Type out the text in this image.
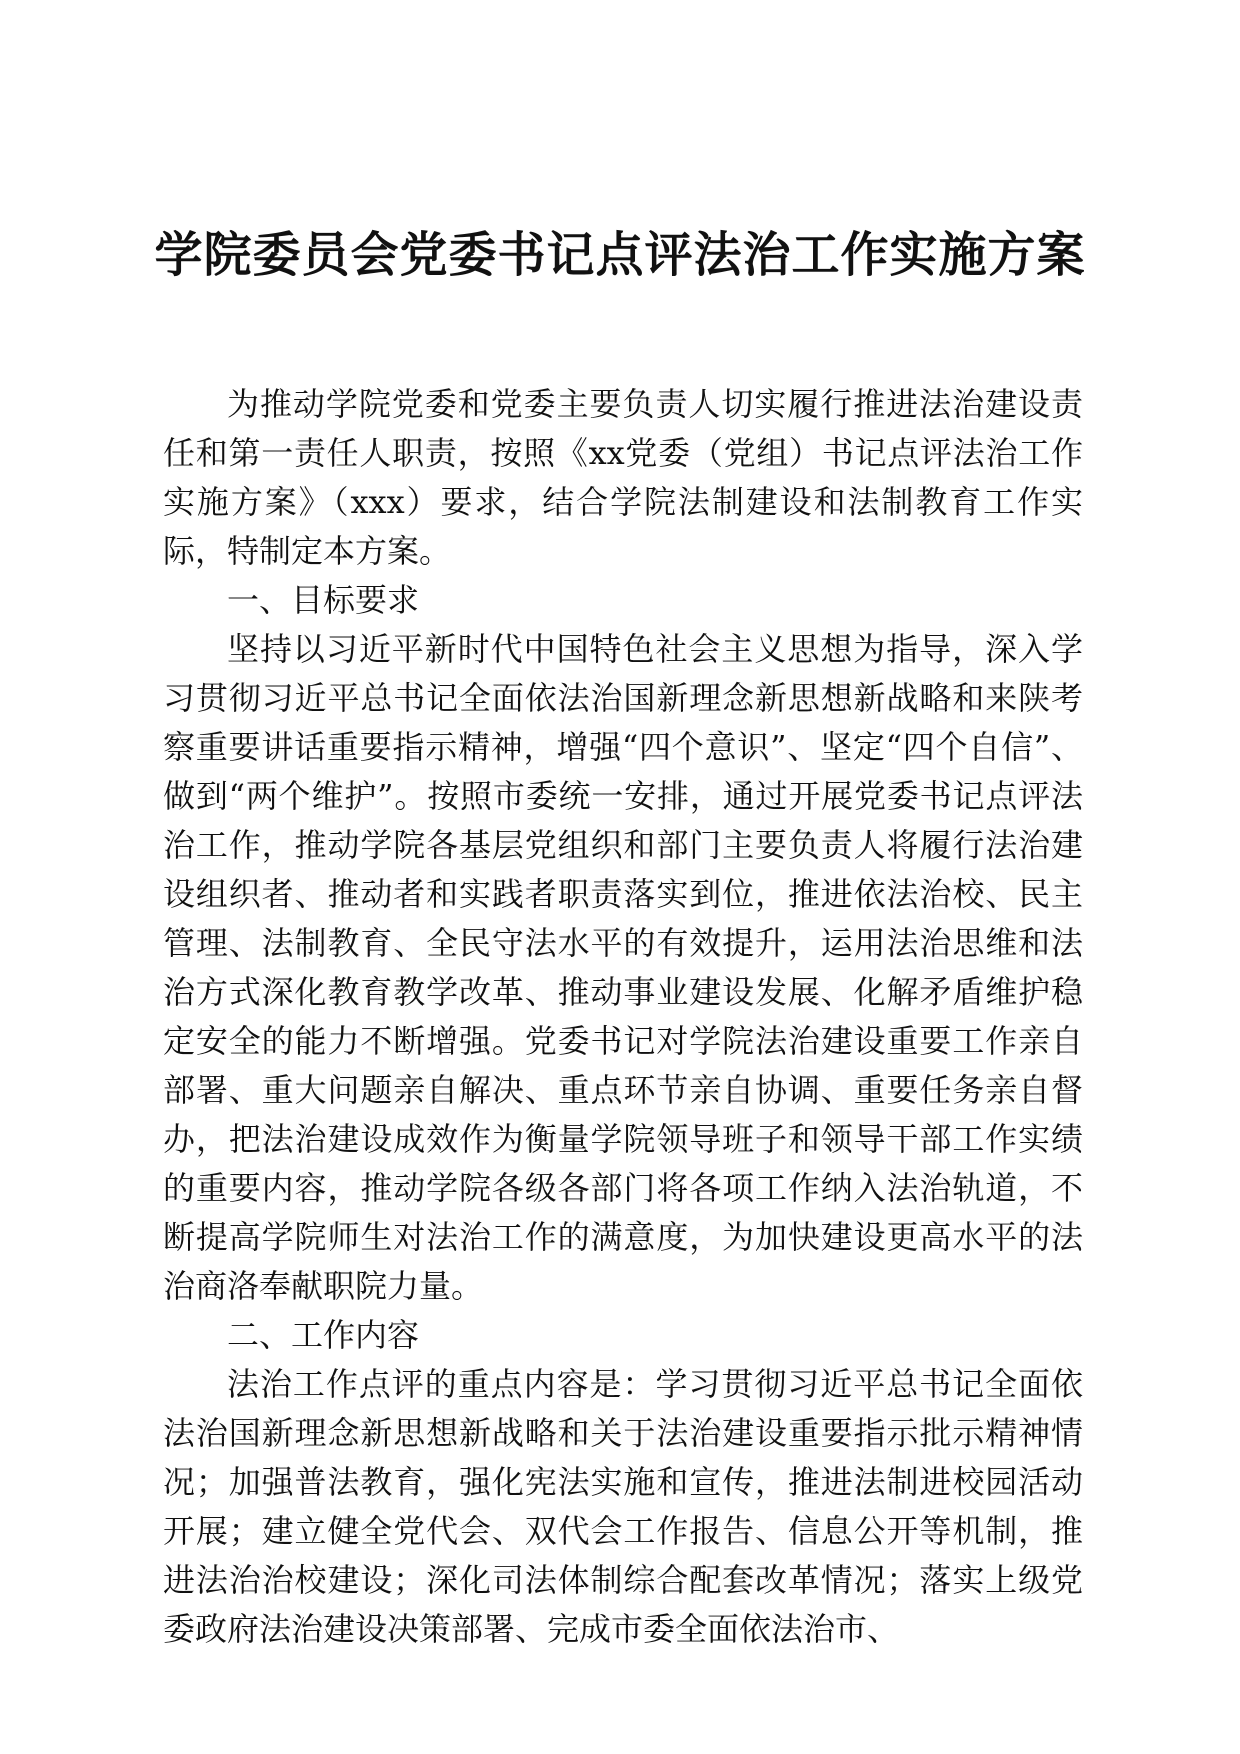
学院委员会党委书记点评法治工作实施方案

为推动学院党委和党委主要负责人切实履行推进法治建设责任和第一责任人职责，按照《xx党委（党组）书记点评法治工作实施方案》（xxx）要求，结合学院法制建设和法制教育工作实际，特制定本方案。

一、目标要求

坚持以习近平新时代中国特色社会主义思想为指导，深入学习贯彻习近平总书记全面依法治国新理念新思想新战略和来陕考察重要讲话重要指示精神，增强“四个意识”、坚定“四个自信”、做到“两个维护”。按照市委统一安排，通过开展党委书记点评法治工作，推动学院各基层党组织和部门主要负责人将履行法治建设组织者、推动者和实践者职责落实到位，推进依法治校、民主管理、法制教育、全民守法水平的有效提升，运用法治思维和法治方式深化教育教学改革、推动事业建设发展、化解矛盾维护稳定安全的能力不断增强。党委书记对学院法治建设重要工作亲自部署、重大问题亲自解决、重点环节亲自协调、重要任务亲自督办，把法治建设成效作为衡量学院领导班子和领导干部工作实绩的重要内容，推动学院各级各部门将各项工作纳入法治轨道，不断提高学院师生对法治工作的满意度，为加快建设更高水平的法治商洛奉献职院力量。

二、工作内容

法治工作点评的重点内容是：学习贯彻习近平总书记全面依法治国新理念新思想新战略和关于法治建设重要指示批示精神情况；加强普法教育，强化宪法实施和宣传，推进法制进校园活动开展；建立健全党代会、双代会工作报告、信息公开等机制，推进法治治校建设；深化司法体制综合配套改革情况；落实上级党委政府法治建设决策部署、完成市委全面依法治市、
